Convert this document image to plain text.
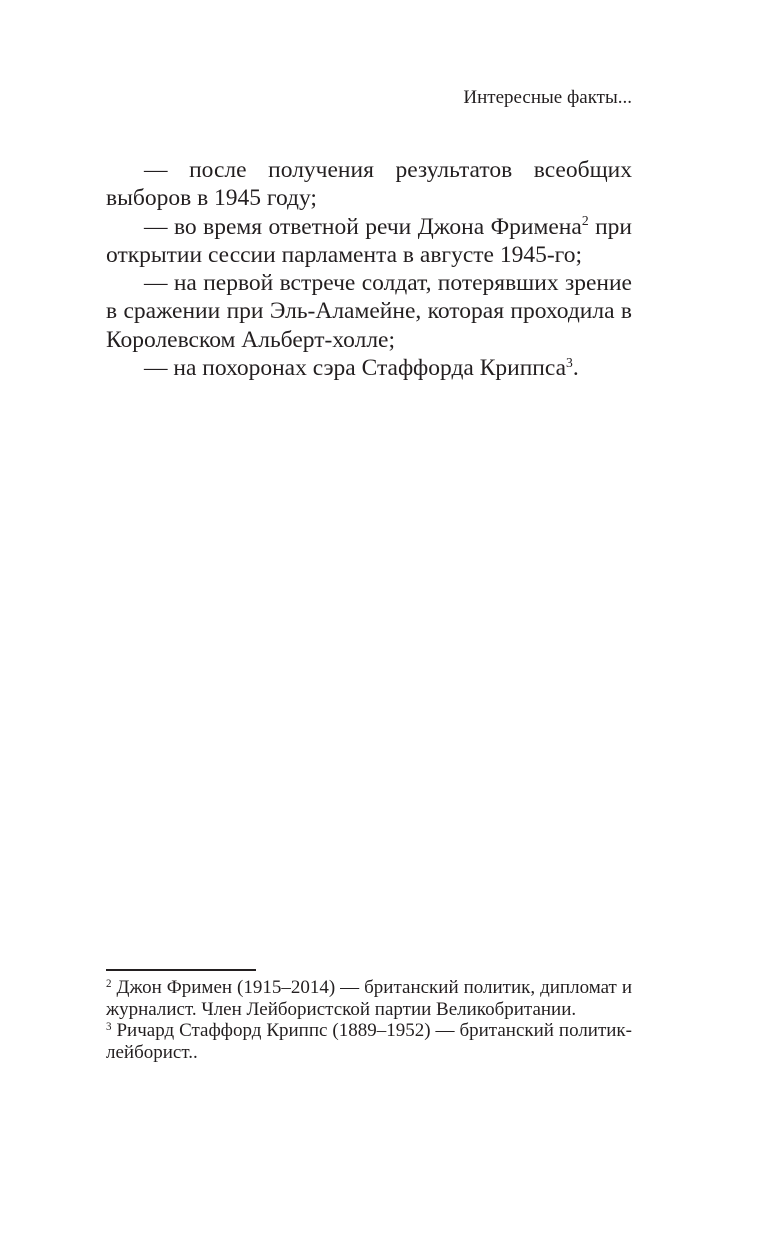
Интересные факты...

— после получения результатов всеобщих выборов в 1945 году;

— во время ответной речи Джона Фримена$^2$ при открытии сессии парламента в августе 1945-го;

— на первой встрече солдат, потерявших зрение в сражении при Эль-Аламейне, которая проходила в Королевском Альберт-холле;

— на похоронах сэра Стаффорда Криппса$^3$.

$^2$ Джон Фримен (1915–2014) — британский политик, дипломат и журналист. Член Лейбористской партии Великобритании.

$^3$ Ричард Стаффорд Криппс (1889–1952) — британский политик-лейборист..
